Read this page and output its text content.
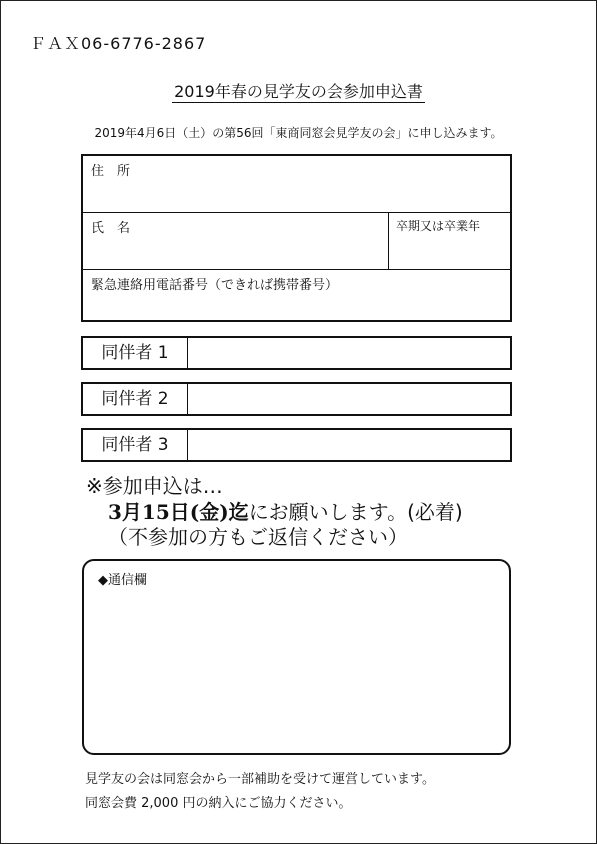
ＦＡＸ06-6776-2867
2019年春の見学友の会参加申込書
2019年4月6日（土）の第56回「東商同窓会見学友の会」に申し込みます。
住　所
氏　名	卒期又は卒業年
緊急連絡用電話番号（できれば携帯番号）
同伴者 1
同伴者 2
同伴者 3
※参加申込は…
3月15日(金)迄にお願いします。(必着)
（不参加の方もご返信ください）
◆通信欄
見学友の会は同窓会から一部補助を受けて運営しています。
同窓会費 2,000 円の納入にご協力ください。
